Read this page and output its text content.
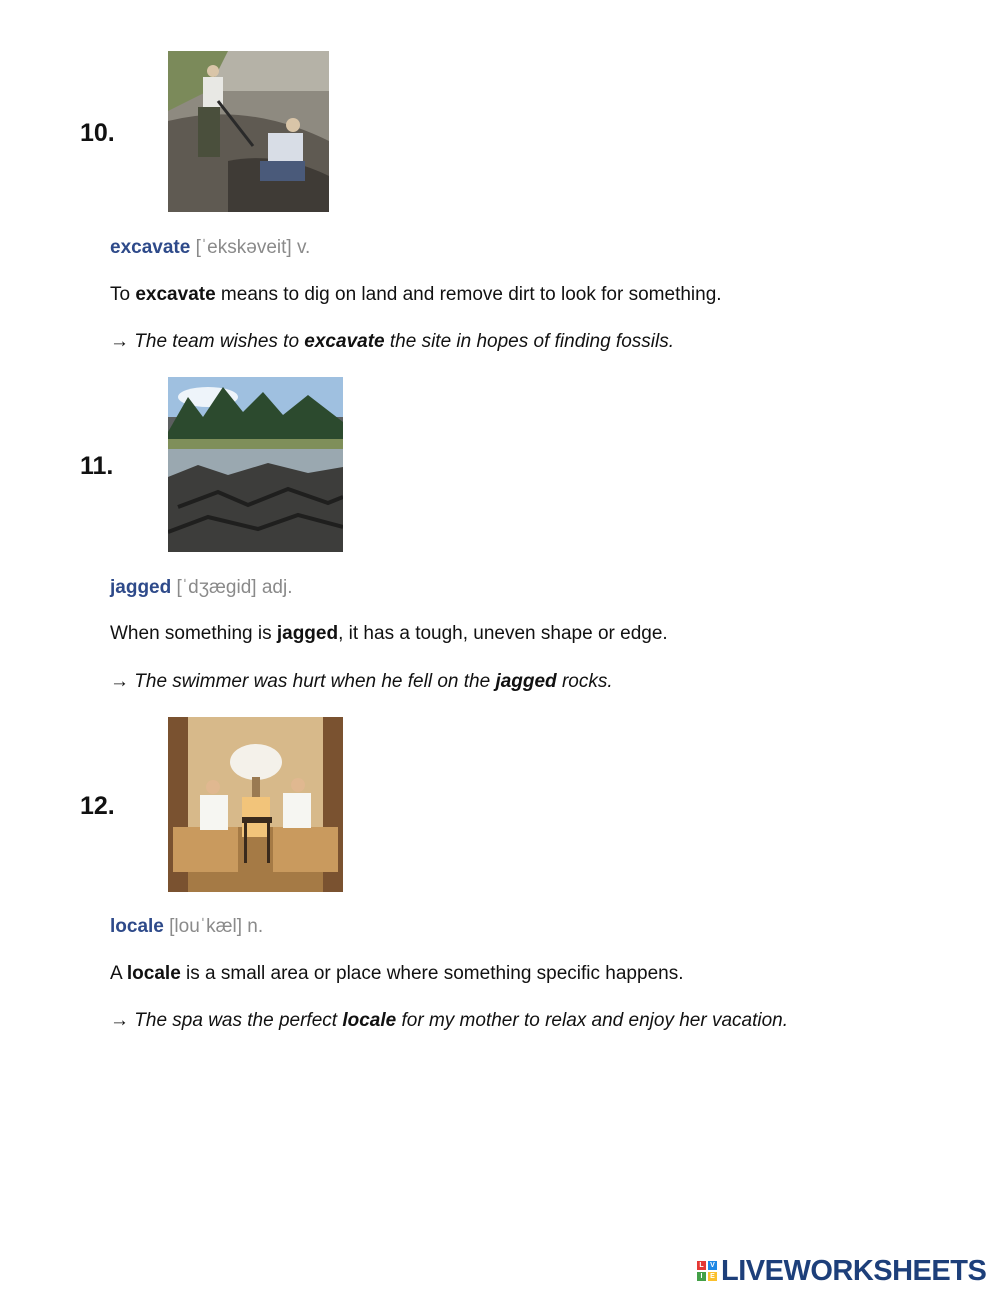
10.
excavate [ˈekskəveit] v.
To excavate means to dig on land and remove dirt to look for something.
→ The team wishes to excavate the site in hopes of finding fossils.
11.
jagged [ˈdʒægid] adj.
When something is jagged, it has a tough, uneven shape or edge.
→ The swimmer was hurt when he fell on the jagged rocks.
12.
locale [louˈkæl] n.
A locale is a small area or place where something specific happens.
→ The spa was the perfect locale for my mother to relax and enjoy her vacation.
L
I
V
E LIVEWORKSHEETS
